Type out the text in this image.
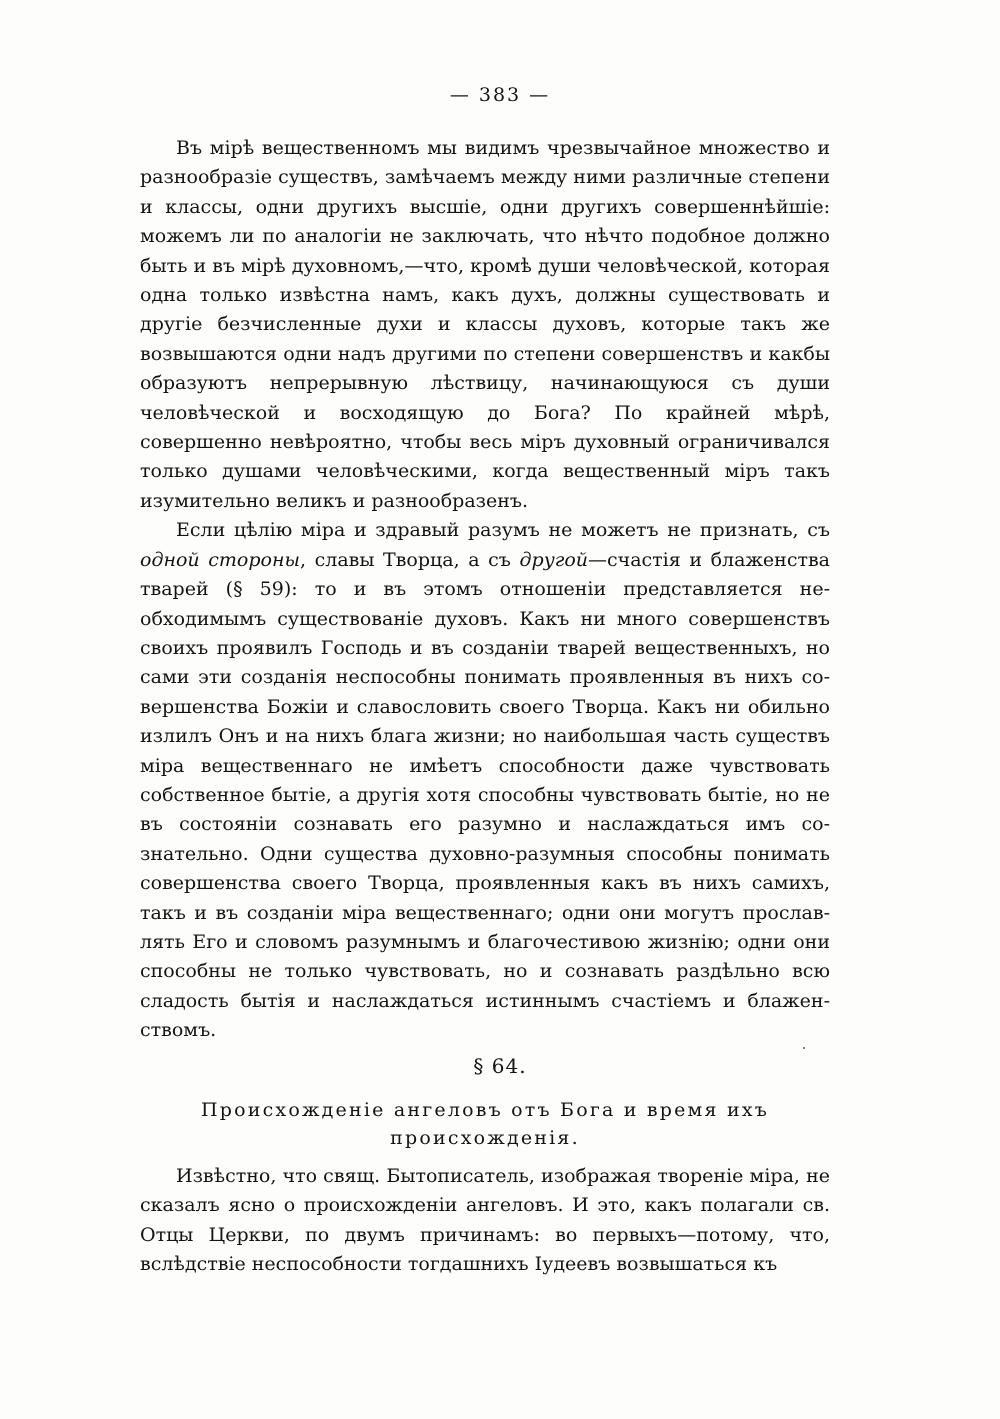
— 383 —

Въ мірѣ вещественномъ мы видимъ чрезвычайное множество и разнообразіе существъ, замѣчаемъ между ними различные степени и классы, одни другихъ высшіе, одни другихъ совершеннѣйшіе: можемъ ли по аналогіи не заключать, что нѣчто подобное должно быть и въ мірѣ духовномъ,—что, кромѣ души человѣческой, которая одна только извѣстна намъ, какъ духъ, должны существовать и другіе безчисленные духи и классы духовъ, которые такъ же возвышаются одни надъ другими по степени совершенствъ и какбы образуютъ непрерывную лѣствицу, начинающуюся съ души человѣческой и восходящую до Бога? По крайней мѣрѣ, совершенно невѣроятно, чтобы весь міръ духовный ограничивался только душами человѣческими, когда вещественный міръ такъ изумительно великъ и разнообразенъ.

Если цѣлію міра и здравый разумъ не можетъ не признать, съ одной стороны, славы Творца, а съ другой—счастія и блаженства тварей (§ 59): то и въ этомъ отношеніи представляется необходимымъ существованіе духовъ. Какъ ни много совершенствъ своихъ проявилъ Господь и въ созданіи тварей вещественныхъ, но сами эти созданія неспособны понимать проявленныя въ нихъ совершенства Божіи и славословить своего Творца. Какъ ни обильно излилъ Онъ и на нихъ блага жизни; но наибольшая часть существъ міра вещественнаго не имѣетъ способности даже чувствовать собственное бытіе, а другія хотя способны чувствовать бытіе, но не въ состояніи сознавать его разумно и наслаждаться имъ сознательно. Одни существа духовно-разумныя способны понимать совершенства своего Творца, проявленныя какъ въ нихъ самихъ, такъ и въ созданіи міра вещественнаго; одни они могутъ прославлять Его и словомъ разумнымъ и благочестивою жизнію; одни они способны не только чувствовать, но и сознавать раздѣльно всю сладость бытія и наслаждаться истиннымъ счастіемъ и блаженствомъ.

§ 64.
Происхожденіе ангеловъ отъ Бога и время ихъ происхожденія.

Извѣстно, что свящ. Бытописатель, изображая твореніе міра, не сказалъ ясно о происхожденіи ангеловъ. И это, какъ полагали св. Отцы Церкви, по двумъ причинамъ: во первыхъ—потому, что, вслѣдствіе неспособности тогдашнихъ Іудеевъ возвышаться къ
